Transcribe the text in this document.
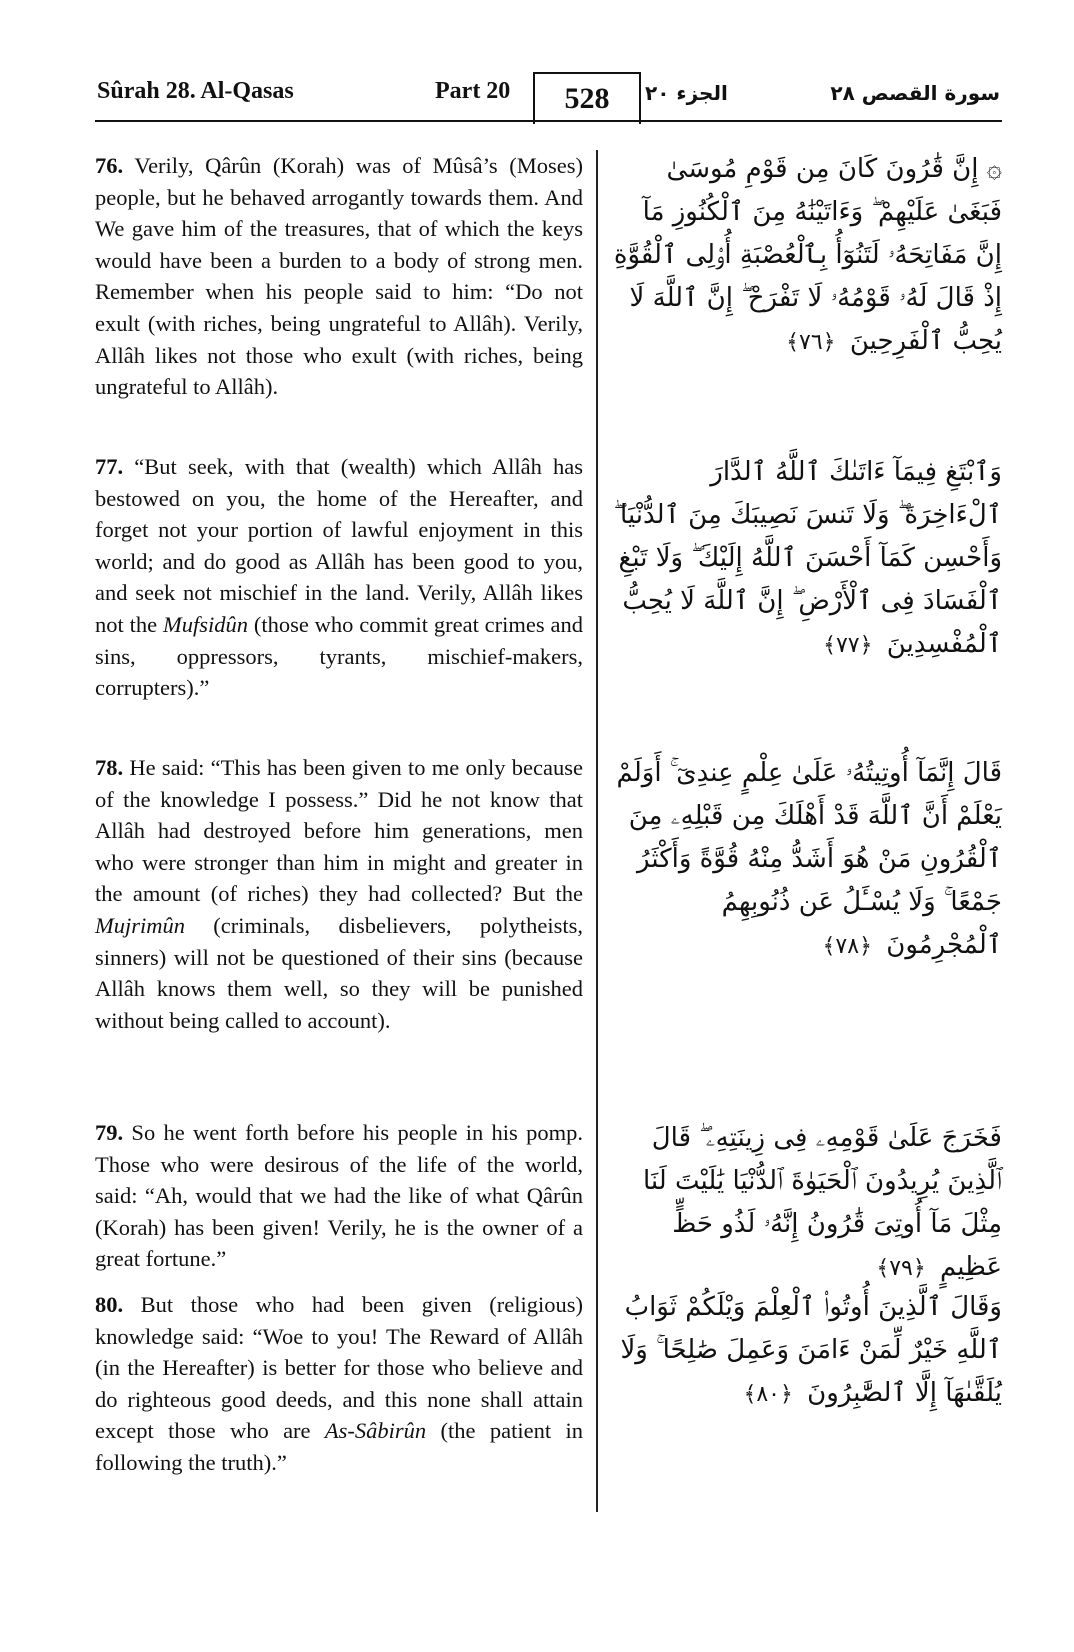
Sûrah 28. Al-Qasas	Part 20	528	الجزء ٢٠	سورة القصص ٢٨

76. Verily, Qârûn (Korah) was of Mûsâ’s (Moses) people, but he behaved arrogantly towards them. And We gave him of the treasures, that of which the keys would have been a burden to a body of strong men. Remember when his people said to him: “Do not exult (with riches, being ungrateful to Allâh). Verily, Allâh likes not those who exult (with riches, being ungrateful to Allâh).

۞ إِنَّ قَٰرُونَ كَانَ مِن قَوْمِ مُوسَىٰ فَبَغَىٰ عَلَيْهِمْ ۖ وَءَاتَيْنَٰهُ مِنَ ٱلْكُنُوزِ مَآ إِنَّ مَفَاتِحَهُۥ لَتَنُوٓأُ بِٱلْعُصْبَةِ أُو۟لِى ٱلْقُوَّةِ إِذْ قَالَ لَهُۥ قَوْمُهُۥ لَا تَفْرَحْ ۖ إِنَّ ٱللَّهَ لَا يُحِبُّ ٱلْفَرِحِينَ ﴿٧٦﴾

77. “But seek, with that (wealth) which Allâh has bestowed on you, the home of the Hereafter, and forget not your portion of lawful enjoyment in this world; and do good as Allâh has been good to you, and seek not mischief in the land. Verily, Allâh likes not the Mufsidûn (those who commit great crimes and sins, oppressors, tyrants, mischief-makers, corrupters).”

وَٱبْتَغِ فِيمَآ ءَاتَىٰكَ ٱللَّهُ ٱلدَّارَ ٱلْءَاخِرَةَ ۖ وَلَا تَنسَ نَصِيبَكَ مِنَ ٱلدُّنْيَا ۖ وَأَحْسِن كَمَآ أَحْسَنَ ٱللَّهُ إِلَيْكَ ۖ وَلَا تَبْغِ ٱلْفَسَادَ فِى ٱلْأَرْضِ ۖ إِنَّ ٱللَّهَ لَا يُحِبُّ ٱلْمُفْسِدِينَ ﴿٧٧﴾

78. He said: “This has been given to me only because of the knowledge I possess.” Did he not know that Allâh had destroyed before him generations, men who were stronger than him in might and greater in the amount (of riches) they had collected? But the Mujrimûn (criminals, disbelievers, polytheists, sinners) will not be questioned of their sins (because Allâh knows them well, so they will be punished without being called to account).

قَالَ إِنَّمَآ أُوتِيتُهُۥ عَلَىٰ عِلْمٍ عِندِىٓ ۚ أَوَلَمْ يَعْلَمْ أَنَّ ٱللَّهَ قَدْ أَهْلَكَ مِن قَبْلِهِۦ مِنَ ٱلْقُرُونِ مَنْ هُوَ أَشَدُّ مِنْهُ قُوَّةً وَأَكْثَرُ جَمْعًا ۚ وَلَا يُسْـَٔلُ عَن ذُنُوبِهِمُ ٱلْمُجْرِمُونَ ﴿٧٨﴾

79. So he went forth before his people in his pomp. Those who were desirous of the life of the world, said: “Ah, would that we had the like of what Qârûn (Korah) has been given! Verily, he is the owner of a great fortune.”

فَخَرَجَ عَلَىٰ قَوْمِهِۦ فِى زِينَتِهِۦ ۖ قَالَ ٱلَّذِينَ يُرِيدُونَ ٱلْحَيَوٰةَ ٱلدُّنْيَا يَٰلَيْتَ لَنَا مِثْلَ مَآ أُوتِىَ قَٰرُونُ إِنَّهُۥ لَذُو حَظٍّ عَظِيمٍ ﴿٧٩﴾

80. But those who had been given (religious) knowledge said: “Woe to you! The Reward of Allâh (in the Hereafter) is better for those who believe and do righteous good deeds, and this none shall attain except those who are As-Sâbirûn (the patient in following the truth).”

وَقَالَ ٱلَّذِينَ أُوتُوا۟ ٱلْعِلْمَ وَيْلَكُمْ ثَوَابُ ٱللَّهِ خَيْرٌ لِّمَنْ ءَامَنَ وَعَمِلَ صَٰلِحًا ۚ وَلَا يُلَقَّىٰهَآ إِلَّا ٱلصَّٰبِرُونَ ﴿٨٠﴾
